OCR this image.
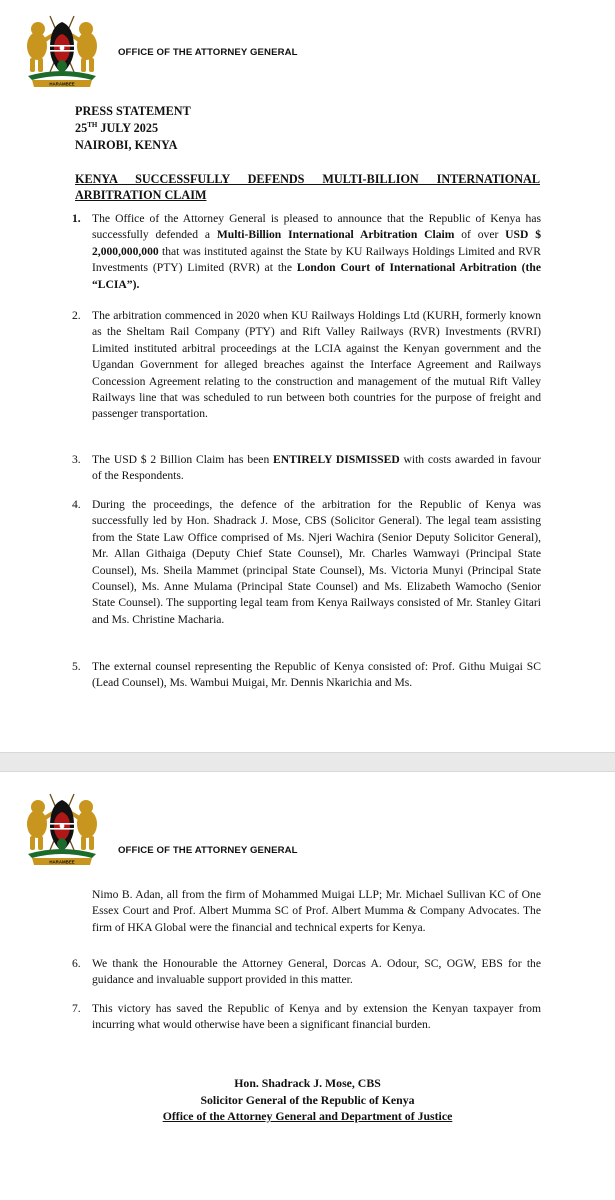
HARAMBEE
OFFICE OF THE ATTORNEY GENERAL
PRESS STATEMENT
25TH JULY 2025
NAIROBI, KENYA
KENYA SUCCESSFULLY DEFENDS MULTI-BILLION INTERNATIONAL
ARBITRATION CLAIM
1. The Office of the Attorney General is pleased to announce that the Republic of Kenya has successfully defended a Multi-Billion International Arbitration Claim of over USD $ 2,000,000,000 that was instituted against the State by KU Railways Holdings Limited and RVR Investments (PTY) Limited (RVR) at the London Court of International Arbitration (the “LCIA”).
2. The arbitration commenced in 2020 when KU Railways Holdings Ltd (KURH, formerly known as the Sheltam Rail Company (PTY) and Rift Valley Railways (RVR) Investments (RVRI) Limited instituted arbitral proceedings at the LCIA against the Kenyan government and the Ugandan Government for alleged breaches against the Interface Agreement and Railways Concession Agreement relating to the construction and management of the mutual Rift Valley Railways line that was scheduled to run between both countries for the purpose of freight and passenger transportation.
3. The USD $ 2 Billion Claim has been ENTIRELY DISMISSED with costs awarded in favour of the Respondents.
4. During the proceedings, the defence of the arbitration for the Republic of Kenya was successfully led by Hon. Shadrack J. Mose, CBS (Solicitor General). The legal team assisting from the State Law Office comprised of Ms. Njeri Wachira (Senior Deputy Solicitor General), Mr. Allan Githaiga (Deputy Chief State Counsel), Mr. Charles Wamwayi (Principal State Counsel), Ms. Sheila Mammet (principal State Counsel), Ms. Victoria Munyi (Principal State Counsel), Ms. Anne Mulama (Principal State Counsel) and Ms. Elizabeth Wamocho (Senior State Counsel). The supporting legal team from Kenya Railways consisted of Mr. Stanley Gitari and Ms. Christine Macharia.
5. The external counsel representing the Republic of Kenya consisted of: Prof. Githu Muigai SC (Lead Counsel), Ms. Wambui Muigai, Mr. Dennis Nkarichia and Ms.
HARAMBEE
OFFICE OF THE ATTORNEY GENERAL
Nimo B. Adan, all from the firm of Mohammed Muigai LLP; Mr. Michael Sullivan KC of One Essex Court and Prof. Albert Mumma SC of Prof. Albert Mumma & Company Advocates. The firm of HKA Global were the financial and technical experts for Kenya.
6. We thank the Honourable the Attorney General, Dorcas A. Odour, SC, OGW, EBS for the guidance and invaluable support provided in this matter.
7. This victory has saved the Republic of Kenya and by extension the Kenyan taxpayer from incurring what would otherwise have been a significant financial burden.
Hon. Shadrack J. Mose, CBS
Solicitor General of the Republic of Kenya
Office of the Attorney General and Department of Justice
